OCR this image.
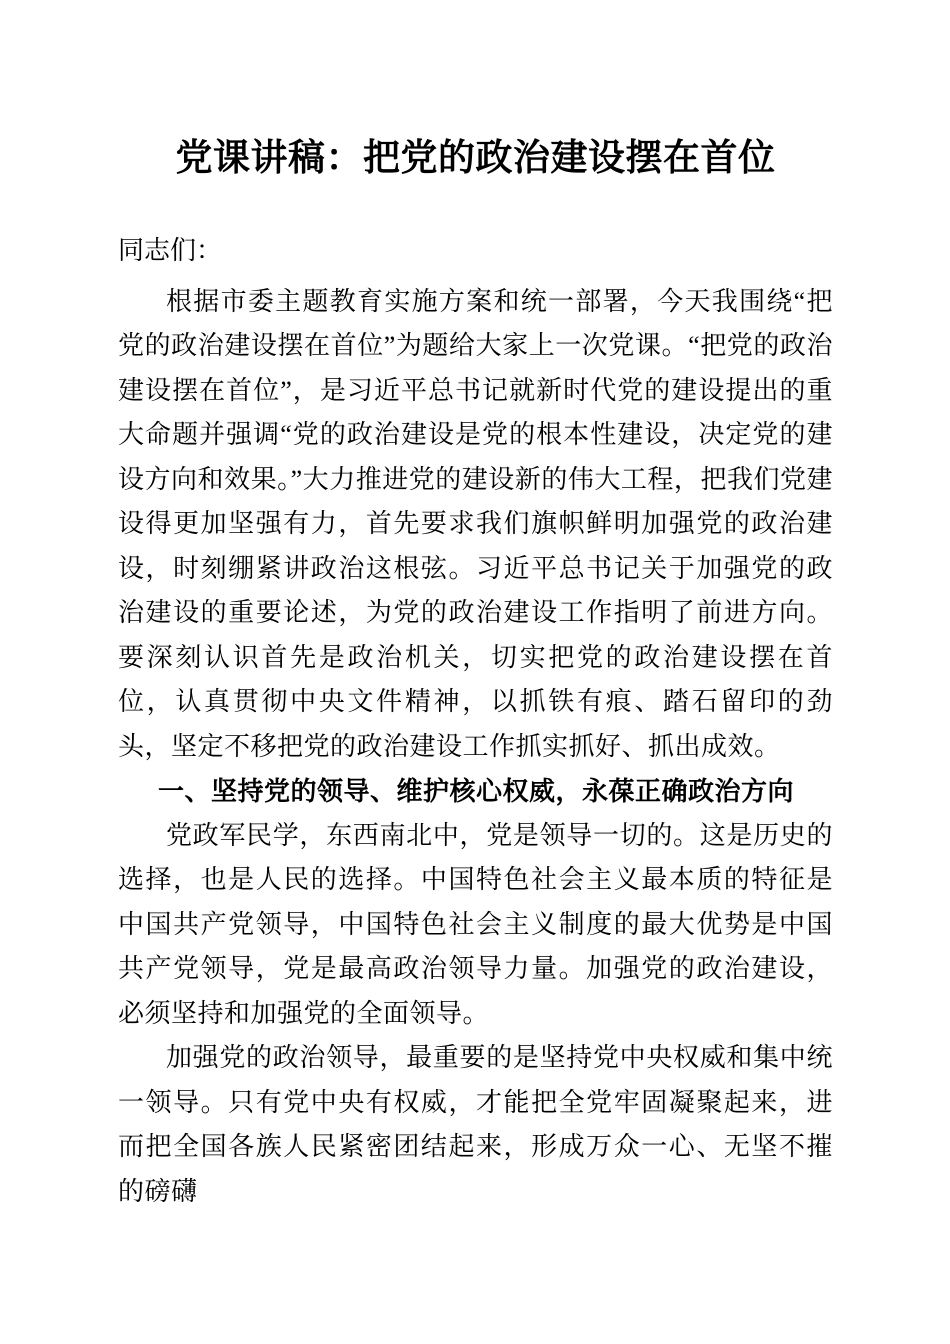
党课讲稿：把党的政治建设摆在首位

同志们：

根据市委主题教育实施方案和统一部署，今天我围绕“把党的政治建设摆在首位”为题给大家上一次党课。“把党的政治建设摆在首位”，是习近平总书记就新时代党的建设提出的重大命题并强调“党的政治建设是党的根本性建设，决定党的建设方向和效果。”大力推进党的建设新的伟大工程，把我们党建设得更加坚强有力，首先要求我们旗帜鲜明加强党的政治建设，时刻绷紧讲政治这根弦。习近平总书记关于加强党的政治建设的重要论述，为党的政治建设工作指明了前进方向。要深刻认识首先是政治机关，切实把党的政治建设摆在首位，认真贯彻中央文件精神，以抓铁有痕、踏石留印的劲头，坚定不移把党的政治建设工作抓实抓好、抓出成效。

一、坚持党的领导、维护核心权威，永葆正确政治方向

党政军民学，东西南北中，党是领导一切的。这是历史的选择，也是人民的选择。中国特色社会主义最本质的特征是中国共产党领导，中国特色社会主义制度的最大优势是中国共产党领导，党是最高政治领导力量。加强党的政治建设，必须坚持和加强党的全面领导。

加强党的政治领导，最重要的是坚持党中央权威和集中统一领导。只有党中央有权威，才能把全党牢固凝聚起来，进而把全国各族人民紧密团结起来，形成万众一心、无坚不摧的磅礴
